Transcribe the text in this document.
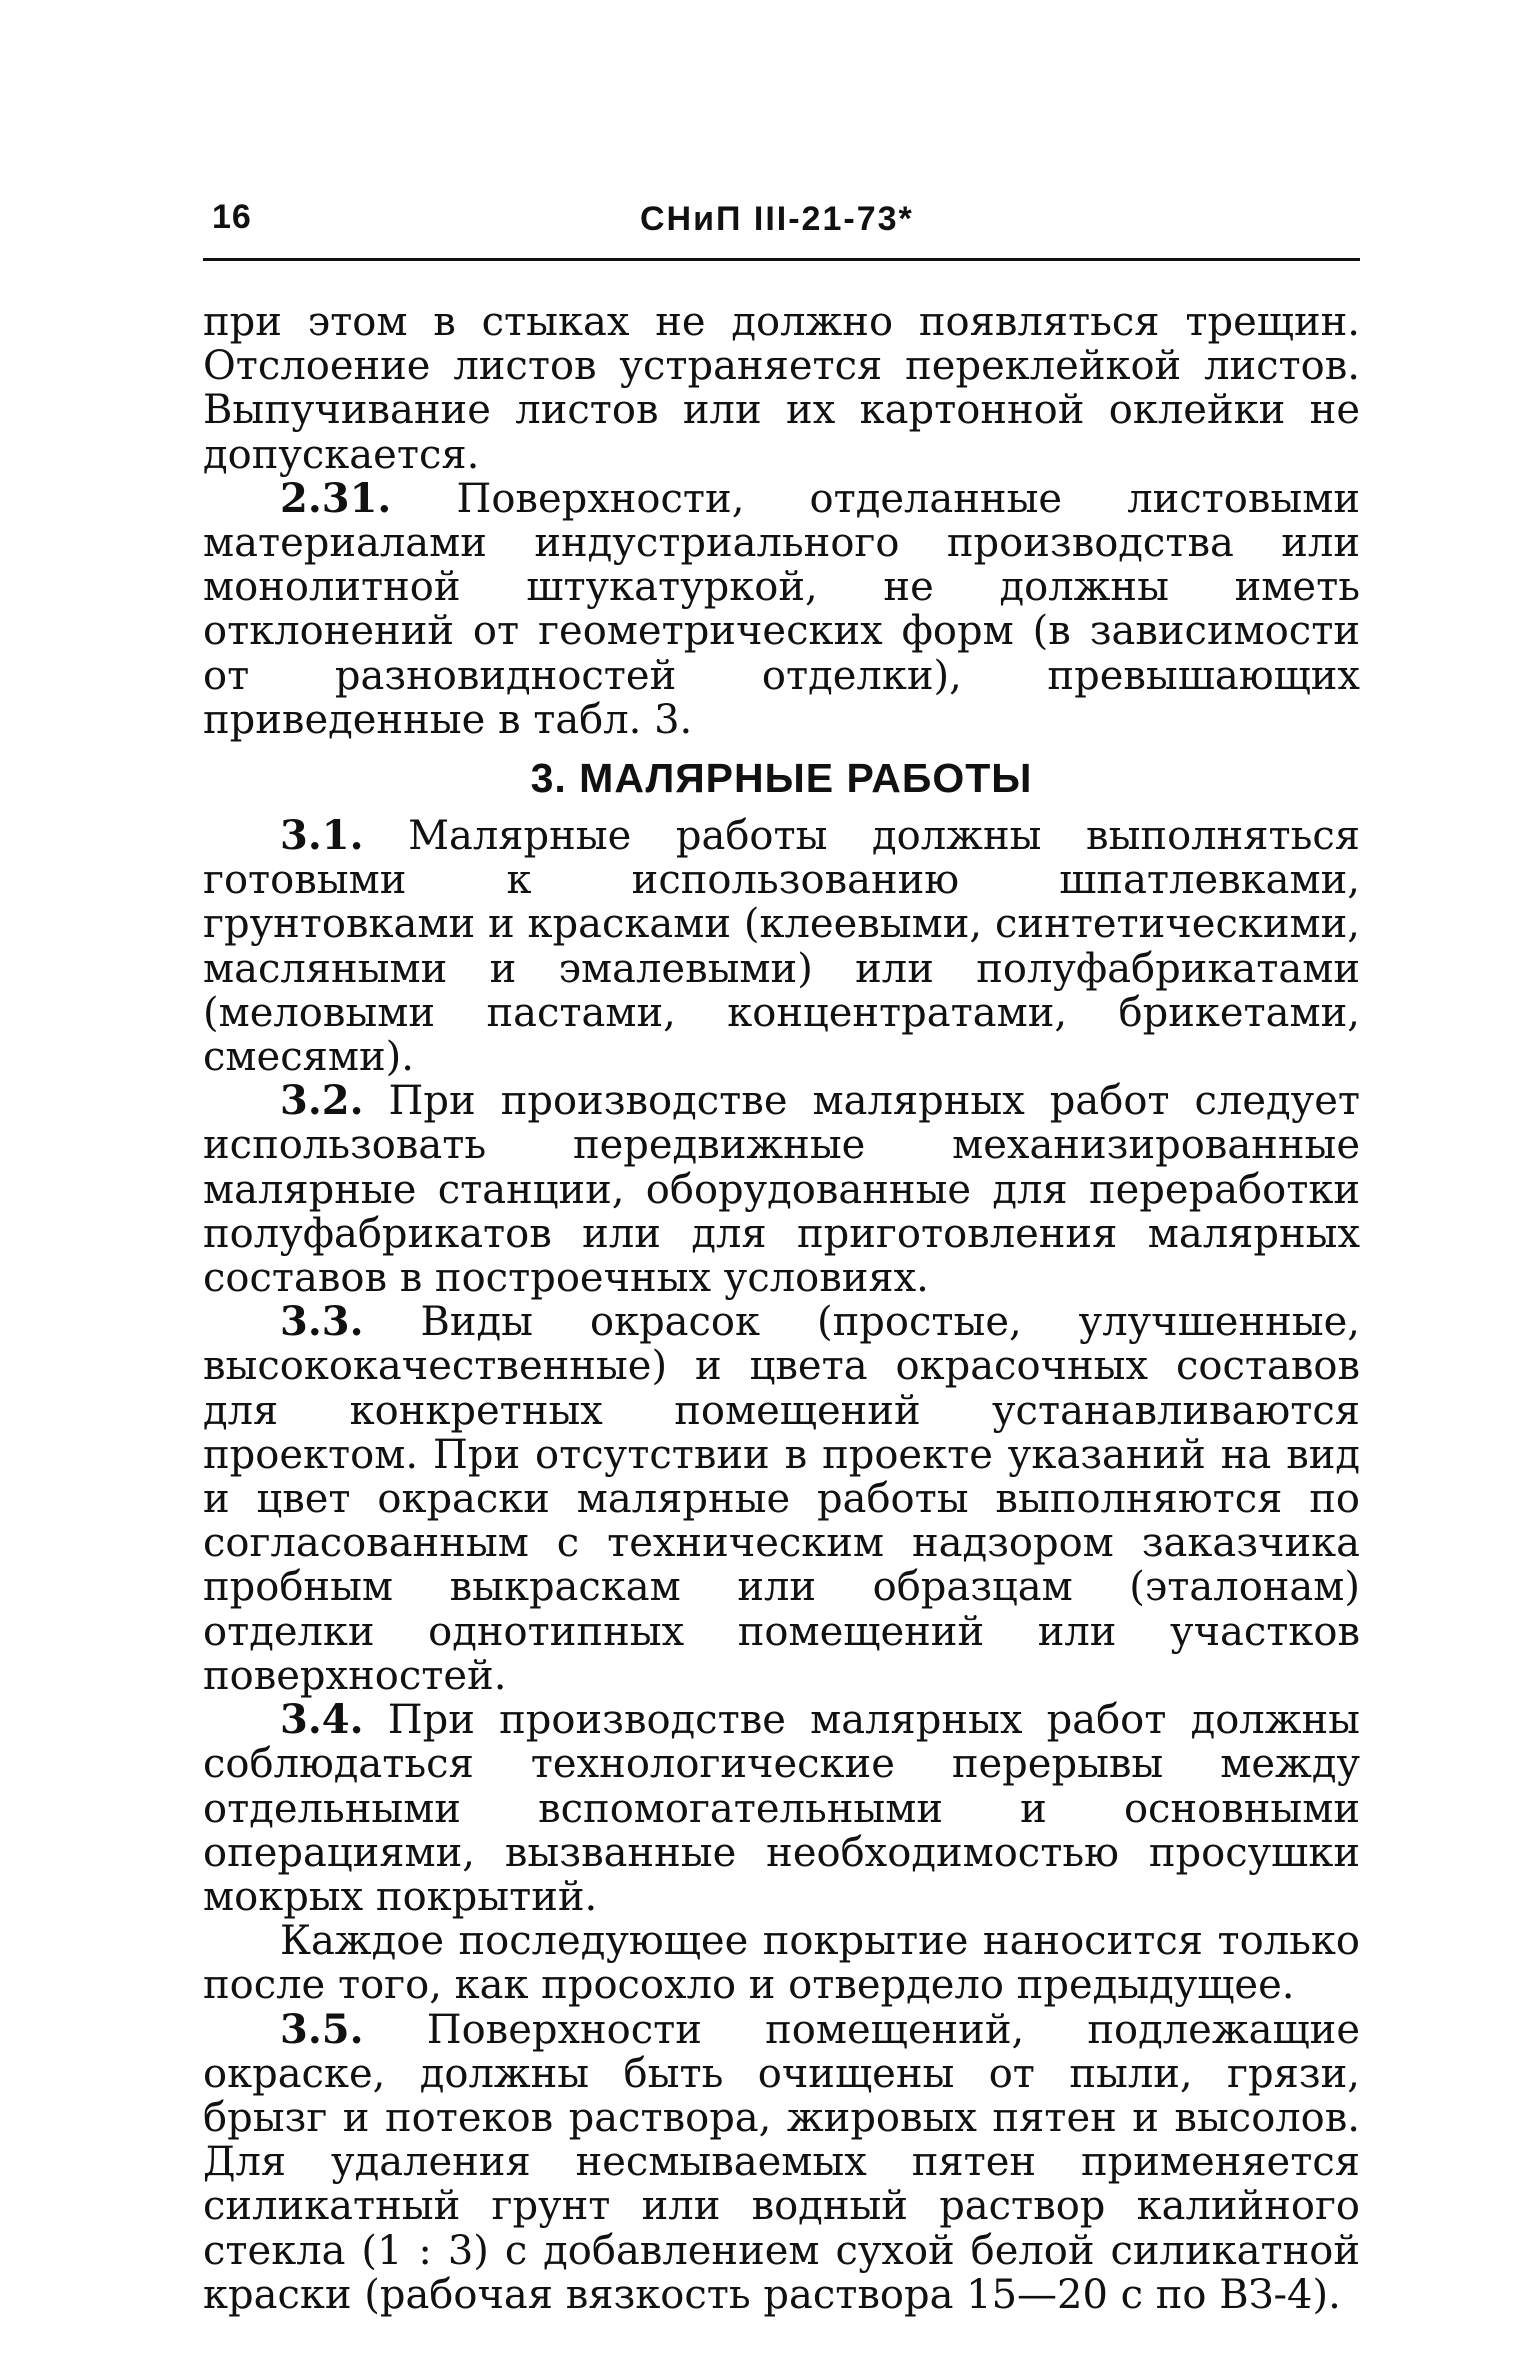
16	СНиП III-21-73*

при этом в стыках не должно появляться трещин. Отслоение листов устраняется переклейкой листов. Выпучивание листов или их картонной оклейки не допускается.

2.31. Поверхности, отделанные листовыми материалами индустриального производства или монолитной штукатуркой, не должны иметь отклонений от геометрических форм (в зависимости от разновидностей отделки), превышающих приведенные в табл. 3.

3. МАЛЯРНЫЕ РАБОТЫ

3.1. Малярные работы должны выполняться готовыми к использованию шпатлевками, грунтовками и красками (клеевыми, синтетическими, масляными и эмалевыми) или полуфабрикатами (меловыми пастами, концентратами, брикетами, смесями).

3.2. При производстве малярных работ следует использовать передвижные механизированные малярные станции, оборудованные для переработки полуфабрикатов или для приготовления малярных составов в построечных условиях.

3.3. Виды окрасок (простые, улучшенные, высококачественные) и цвета окрасочных составов для конкретных помещений устанавливаются проектом. При отсутствии в проекте указаний на вид и цвет окраски малярные работы выполняются по согласованным с техническим надзором заказчика пробным выкраскам или образцам (эталонам) отделки однотипных помещений или участков поверхностей.

3.4. При производстве малярных работ должны соблюдаться технологические перерывы между отдельными вспомогательными и основными операциями, вызванные необходимостью просушки мокрых покрытий.

Каждое последующее покрытие наносится только после того, как просохло и отвердело предыдущее.

3.5. Поверхности помещений, подлежащие окраске, должны быть очищены от пыли, грязи, брызг и потеков раствора, жировых пятен и высолов. Для удаления несмываемых пятен применяется силикатный грунт или водный раствор калийного стекла (1 : 3) с добавлением сухой белой силикатной краски (рабочая вязкость раствора 15—20 с по ВЗ-4).
